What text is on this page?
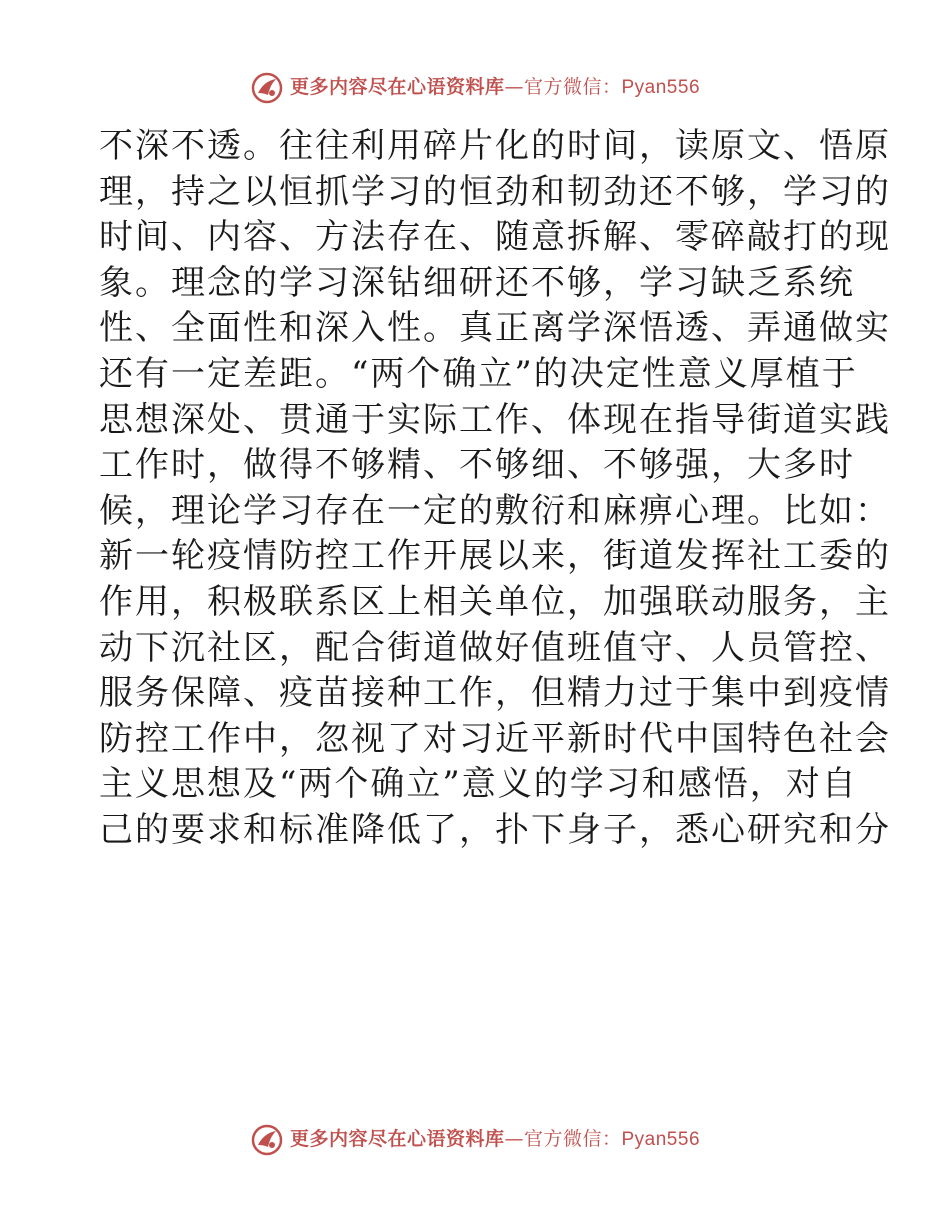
更多内容尽在心语资料库—官方微信：Pyan556
不深不透。往往利用碎片化的时间，读原文、悟原
理，持之以恒抓学习的恒劲和韧劲还不够，学习的
时间、内容、方法存在、随意拆解、零碎敲打的现
象。理念的学习深钻细研还不够，学习缺乏系统
性、全面性和深入性。真正离学深悟透、弄通做实
还有一定差距。“两个确立”的决定性意义厚植于
思想深处、贯通于实际工作、体现在指导街道实践
工作时，做得不够精、不够细、不够强，大多时
候，理论学习存在一定的敷衍和麻痹心理。比如：
新一轮疫情防控工作开展以来，街道发挥社工委的
作用，积极联系区上相关单位，加强联动服务，主
动下沉社区，配合街道做好值班值守、人员管控、
服务保障、疫苗接种工作，但精力过于集中到疫情
防控工作中，忽视了对习近平新时代中国特色社会
主义思想及“两个确立”意义的学习和感悟，对自
己的要求和标准降低了，扑下身子，悉心研究和分
更多内容尽在心语资料库—官方微信：Pyan556
